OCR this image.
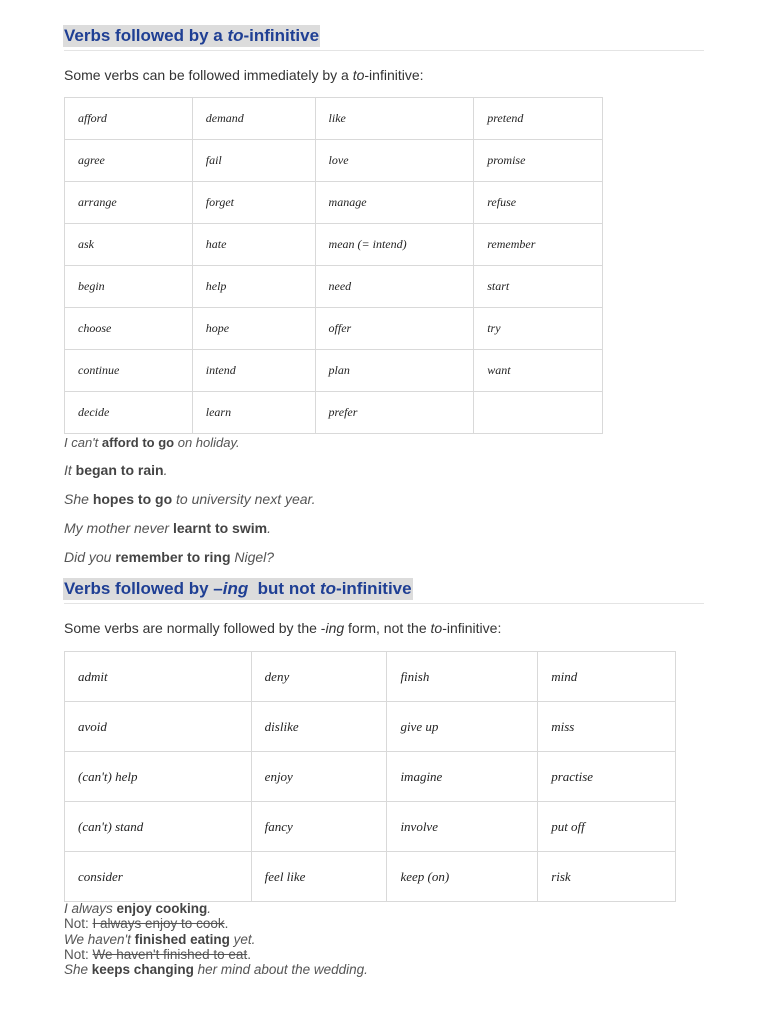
Verbs followed by a to-infinitive
Some verbs can be followed immediately by a to-infinitive:
afford	demand	like	pretend
agree	fail	love	promise
arrange	forget	manage	refuse
ask	hate	mean (= intend)	remember
begin	help	need	start
choose	hope	offer	try
continue	intend	plan	want
decide	learn	prefer	
I can't afford to go on holiday.
It began to rain.
She hopes to go to university next year.
My mother never learnt to swim.
Did you remember to ring Nigel?
Verbs followed by –ing  but not to-infinitive
Some verbs are normally followed by the -ing form, not the to-infinitive:
admit	deny	finish	mind
avoid	dislike	give up	miss
(can't) help	enjoy	imagine	practise
(can't) stand	fancy	involve	put off
consider	feel like	keep (on)	risk
I always enjoy cooking.
Not: I always enjoy to cook.
We haven't finished eating yet.
Not: We haven't finished to eat.
She keeps changing her mind about the wedding.
